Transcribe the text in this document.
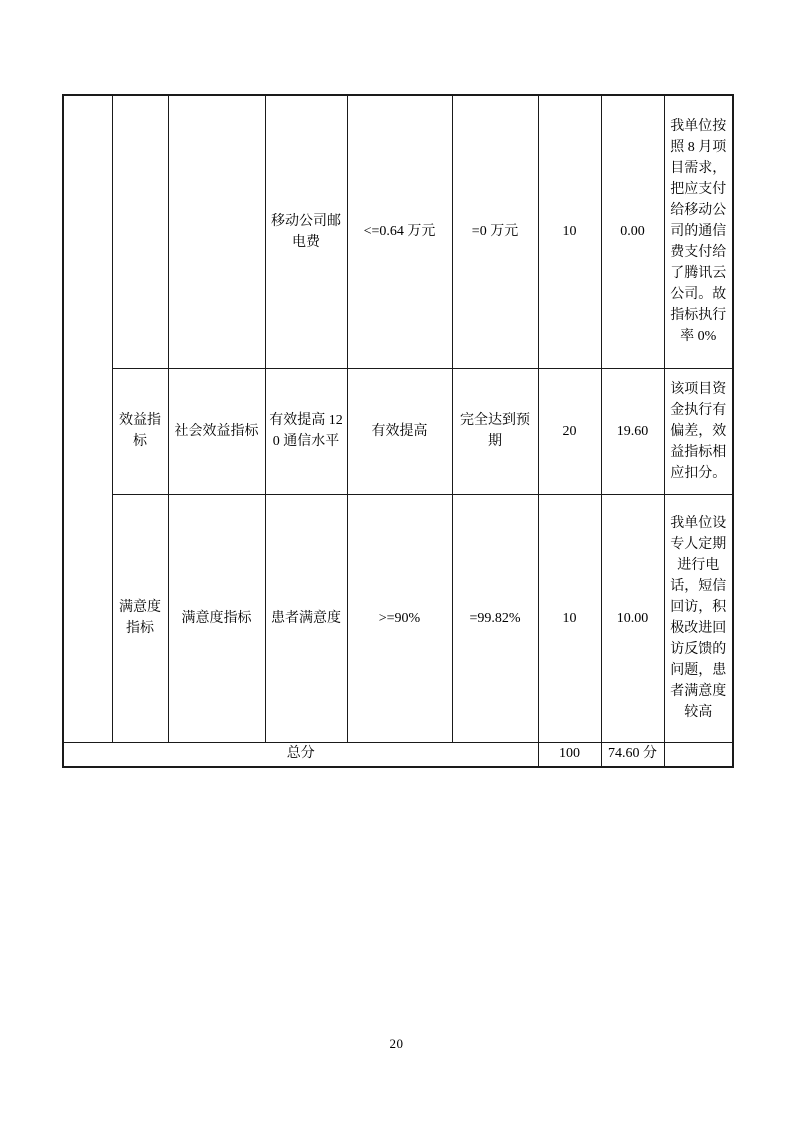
			移动公司邮电费	<=0.64 万元	=0 万元	10	0.00	我单位按照 8 月项目需求，把应支付给移动公司的通信费支付给了腾讯云公司。故指标执行率 0%
	效益指标	社会效益指标	有效提高 120 通信水平	有效提高	完全达到预期	20	19.60	该项目资金执行有偏差，效益指标相应扣分。
	满意度指标	满意度指标	患者满意度	>=90%	=99.82%	10	10.00	我单位设专人定期进行电话，短信回访，积极改进回访反馈的问题，患者满意度较高
总分						100	74.60 分	
20
